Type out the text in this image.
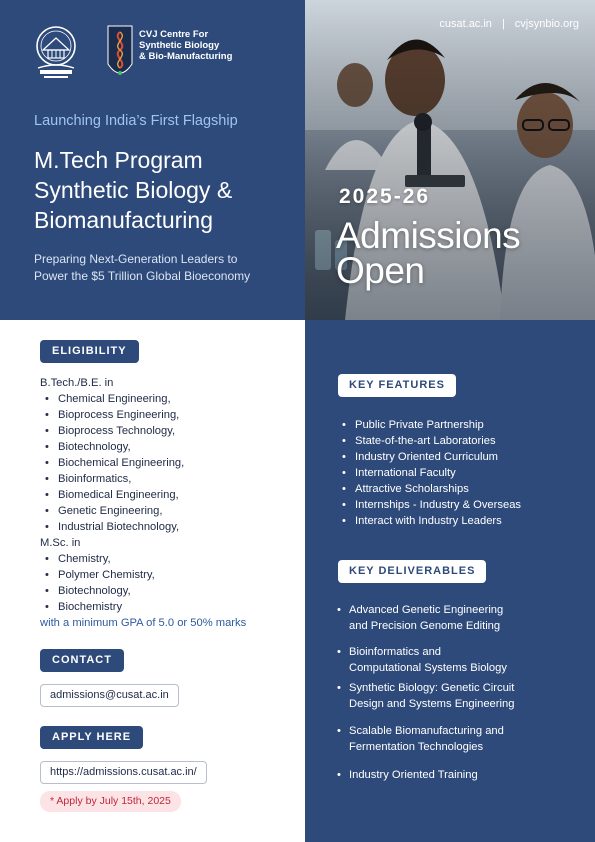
CVJ Centre For
Synthetic Biology
& Bio-Manufacturing
Launching India’s First Flagship
M.Tech Program
Synthetic Biology &
Biomanufacturing
Preparing Next-Generation Leaders to
Power the $5 Trillion Global Bioeconomy
cusat.ac.in | cvjsynbio.org
2025-26
Admissions
Open
ELIGIBILITY
B.Tech./B.E. in
• Chemical Engineering,
• Bioprocess Engineering,
• Bioprocess Technology,
• Biotechnology,
• Biochemical Engineering,
• Bioinformatics,
• Biomedical Engineering,
• Genetic Engineering,
• Industrial Biotechnology,
M.Sc. in
• Chemistry,
• Polymer Chemistry,
• Biotechnology,
• Biochemistry
with a minimum GPA of 5.0 or 50% marks
CONTACT
admissions@cusat.ac.in
APPLY HERE
https://admissions.cusat.ac.in/
* Apply by July 15th, 2025
KEY FEATURES
• Public Private Partnership
• State-of-the-art Laboratories
• Industry Oriented Curriculum
• International Faculty
• Attractive Scholarships
• Internships - Industry & Overseas
• Interact with Industry Leaders
KEY DELIVERABLES
• Advanced Genetic Engineering
and Precision Genome Editing
• Bioinformatics and
Computational Systems Biology
• Synthetic Biology: Genetic Circuit
Design and Systems Engineering
• Scalable Biomanufacturing and
Fermentation Technologies
• Industry Oriented Training
